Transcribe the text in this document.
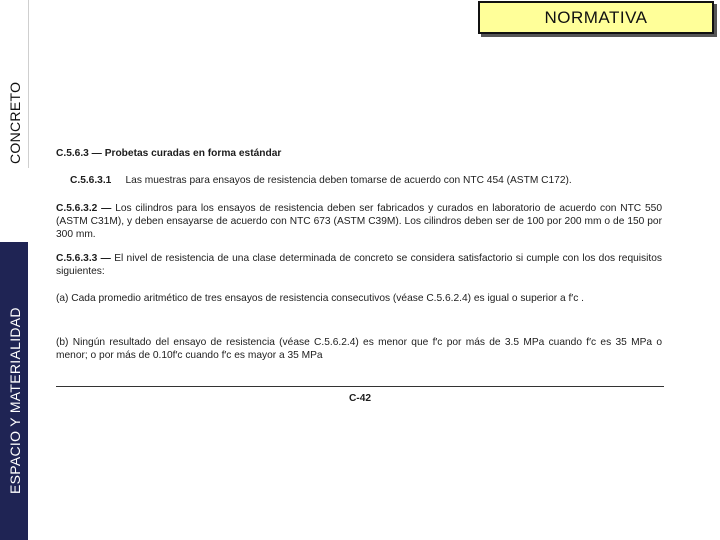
CONCRETO
ESPACIO Y MATERIALIDAD
NORMATIVA

C.5.6.3 — Probetas curadas en forma estándar

C.5.6.3.1 Las muestras para ensayos de resistencia deben tomarse de acuerdo con NTC 454 (ASTM C172).

C.5.6.3.2 — Los cilindros para los ensayos de resistencia deben ser fabricados y curados en laboratorio de acuerdo con NTC 550 (ASTM C31M), y deben ensayarse de acuerdo con NTC 673 (ASTM C39M). Los cilindros deben ser de 100 por 200 mm o de 150 por 300 mm.

C.5.6.3.3 — El nivel de resistencia de una clase determinada de concreto se considera satisfactorio si cumple con los dos requisitos siguientes:

(a) Cada promedio aritmético de tres ensayos de resistencia consecutivos (véase C.5.6.2.4) es igual o superior a f′c .

(b) Ningún resultado del ensayo de resistencia (véase C.5.6.2.4) es menor que f′c por más de 3.5 MPa cuando f′c es 35 MPa o menor; o por más de 0.10f′c cuando f′c es mayor a 35 MPa

C-42
